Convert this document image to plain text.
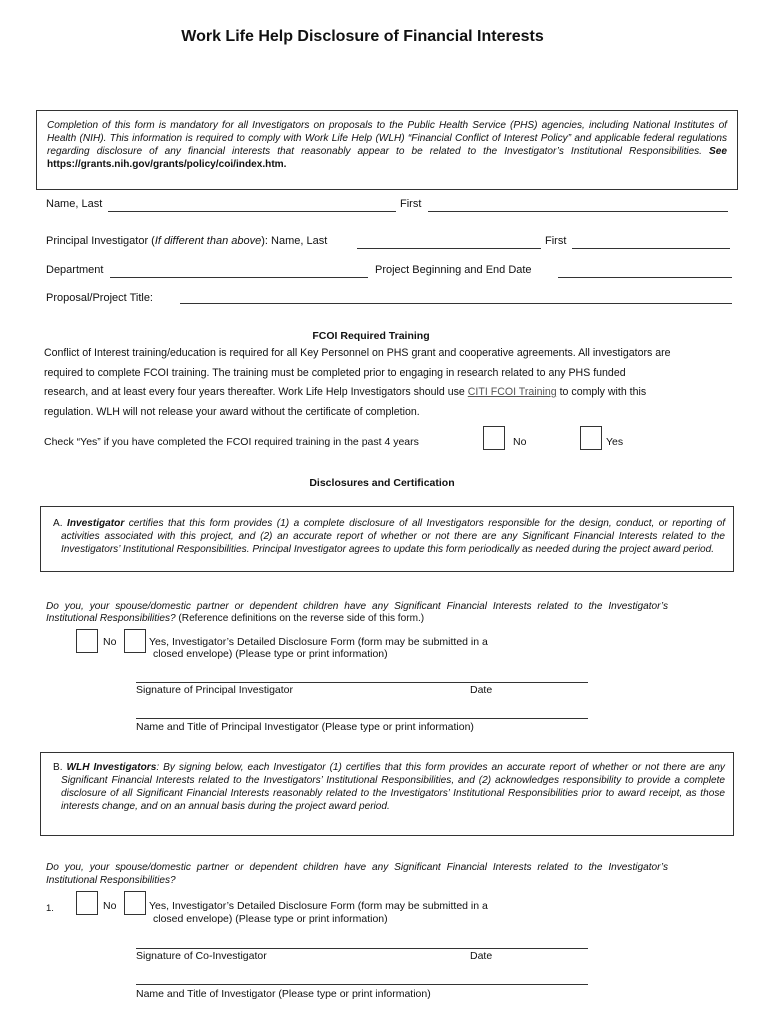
Work Life Help Disclosure of Financial Interests

Completion of this form is mandatory for all Investigators on proposals to the Public Health Service (PHS) agencies, including National Institutes of Health (NIH). This information is required to comply with Work Life Help (WLH) “Financial Conflict of Interest Policy” and applicable federal regulations regarding disclosure of any financial interests that reasonably appear to be related to the Investigator’s Institutional Responsibilities. See https://grants.nih.gov/grants/policy/coi/index.htm.

Name, Last	First
Principal Investigator (If different than above): Name, Last	First
Department	Project Beginning and End Date
Proposal/Project Title:
FCOI Required Training
Conflict of Interest training/education is required for all Key Personnel on PHS grant and cooperative agreements. All investigators are
required to complete FCOI training. The training must be completed prior to engaging in research related to any PHS funded
research, and at least every four years thereafter. Work Life Help Investigators should use CITI FCOI Training to comply with this
regulation. WLH will not release your award without the certificate of completion.
Check “Yes” if you have completed the FCOI required training in the past 4 years	No	Yes
Disclosures and Certification

A. Investigator certifies that this form provides (1) a complete disclosure of all Investigators responsible for the design, conduct, or reporting of activities associated with this project, and (2) an accurate report of whether or not there are any Significant Financial Interests related to the Investigators’ Institutional Responsibilities. Principal Investigator agrees to update this form periodically as needed during the project award period.

Do you, your spouse/domestic partner or dependent children have any Significant Financial Interests related to the Investigator’s Institutional Responsibilities? (Reference definitions on the reverse side of this form.)
No	Yes, Investigator’s Detailed Disclosure Form (form may be submitted in a
closed envelope) (Please type or print information)
Signature of Principal Investigator	Date
Name and Title of Principal Investigator (Please type or print information)

B. WLH Investigators: By signing below, each Investigator (1) certifies that this form provides an accurate report of whether or not there are any Significant Financial Interests related to the Investigators’ Institutional Responsibilities, and (2) acknowledges responsibility to provide a complete disclosure of all Significant Financial Interests reasonably related to the Investigators’ Institutional Responsibilities prior to award receipt, as those interests change, and on an annual basis during the project award period.

Do you, your spouse/domestic partner or dependent children have any Significant Financial Interests related to the Investigator’s Institutional Responsibilities?
1.	No	Yes, Investigator’s Detailed Disclosure Form (form may be submitted in a
closed envelope) (Please type or print information)
Signature of Co-Investigator	Date
Name and Title of Investigator (Please type or print information)
